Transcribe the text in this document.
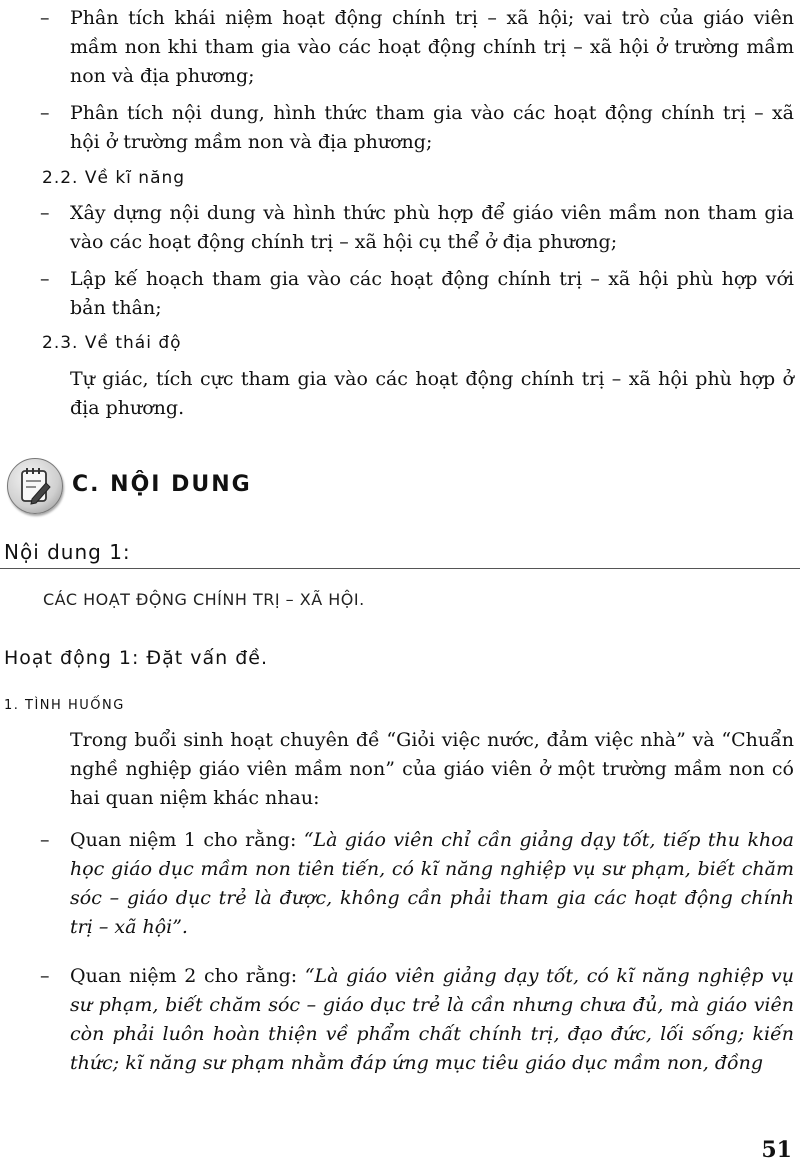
–	Phân tích khái niệm hoạt động chính trị – xã hội; vai trò của giáo viên mầm non khi tham gia vào các hoạt động chính trị – xã hội ở trường mầm non và địa phương;
–	Phân tích nội dung, hình thức tham gia vào các hoạt động chính trị – xã hội ở trường mầm non và địa phương;
2.2. Về kĩ năng
–	Xây dựng nội dung và hình thức phù hợp để giáo viên mầm non tham gia vào các hoạt động chính trị – xã hội cụ thể ở địa phương;
–	Lập kế hoạch tham gia vào các hoạt động chính trị – xã hội phù hợp với bản thân;
2.3. Về thái độ
Tự giác, tích cực tham gia vào các hoạt động chính trị – xã hội phù hợp ở địa phương.
C. NỘI DUNG
Nội dung 1:
CÁC HOẠT ĐỘNG CHÍNH TRỊ – XÃ HỘI.
Hoạt động 1: Đặt vấn đề.
1. TÌNH HUỐNG
Trong buổi sinh hoạt chuyên đề “Giỏi việc nước, đảm việc nhà” và “Chuẩn nghề nghiệp giáo viên mầm non” của giáo viên ở một trường mầm non có hai quan niệm khác nhau:
–	Quan niệm 1 cho rằng: “Là giáo viên chỉ cần giảng dạy tốt, tiếp thu khoa học giáo dục mầm non tiên tiến, có kĩ năng nghiệp vụ sư phạm, biết chăm sóc – giáo dục trẻ là được, không cần phải tham gia các hoạt động chính trị – xã hội”.
–	Quan niệm 2 cho rằng: “Là giáo viên giảng dạy tốt, có kĩ năng nghiệp vụ sư phạm, biết chăm sóc – giáo dục trẻ là cần nhưng chưa đủ, mà giáo viên còn phải luôn hoàn thiện về phẩm chất chính trị, đạo đức, lối sống; kiến thức; kĩ năng sư phạm nhằm đáp ứng mục tiêu giáo dục mầm non, đồng
51
